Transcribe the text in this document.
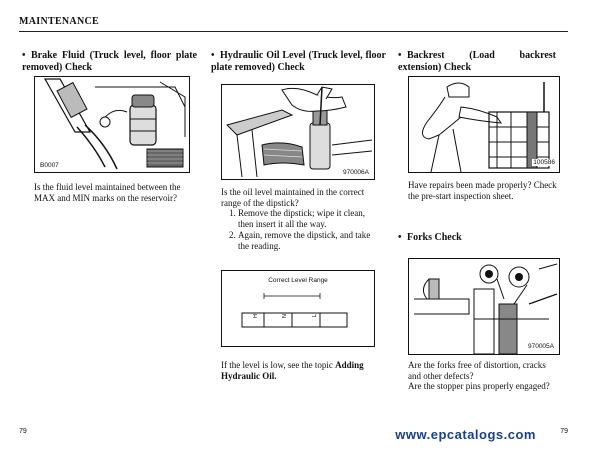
MAINTENANCE
• Brake Fluid (Truck level, floor plate removed) Check
B0007
Is the fluid level maintained between the MAX and MIN marks on the reservoir?
• Hydraulic Oil Level (Truck level, floor plate removed) Check
970006A
Is the oil level maintained in the correct range of the dipstick?
1. Remove the dipstick; wipe it clean, then insert it all the way.
2. Again, remove the dipstick, and take the reading.
Correct Level Range
H	N	L
If the level is low, see the topic Adding Hydraulic Oil.
• Backrest (Load backrest extension) Check
100586
Have repairs been made properly? Check the pre-start inspection sheet.
• Forks Check
970005A
Are the forks free of distortion, cracks and other defects?
Are the stopper pins properly engaged?
79	79
www.epcatalogs.com
